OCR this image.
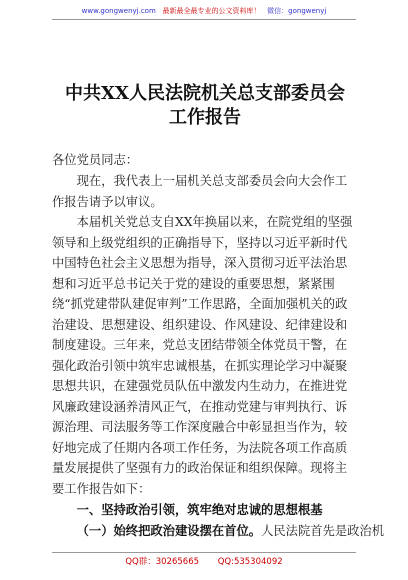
www.gongwenyj.com 最新最全最专业的公文资料库！ 微信：gongwenyj
中共XX人民法院机关总支部委员会工作报告
各位党员同志：

现在，我代表上一届机关总支部委员会向大会作工作报告请予以审议。

本届机关党总支自XX年换届以来，在院党组的坚强领导和上级党组织的正确指导下，坚持以习近平新时代中国特色社会主义思想为指导，深入贯彻习近平法治思想和习近平总书记关于党的建设的重要思想，紧紧围绕“抓党建带队建促审判”工作思路，全面加强机关的政治建设、思想建设、组织建设、作风建设、纪律建设和制度建设。三年来，党总支团结带领全体党员干警，在强化政治引领中筑牢忠诚根基，在抓实理论学习中凝聚思想共识，在建强党员队伍中激发内生动力，在推进党风廉政建设涵养清风正气，在推动党建与审判执行、诉源治理、司法服务等工作深度融合中彰显担当作为，较好地完成了任期内各项工作任务，为法院各项工作高质量发展提供了坚强有力的政治保证和组织保障。现将主要工作报告如下：

一、坚持政治引领，筑牢绝对忠诚的思想根基
（一）始终把政治建设摆在首位。人民法院首先是政治机
QQ群：30265665 QQ:535304092
